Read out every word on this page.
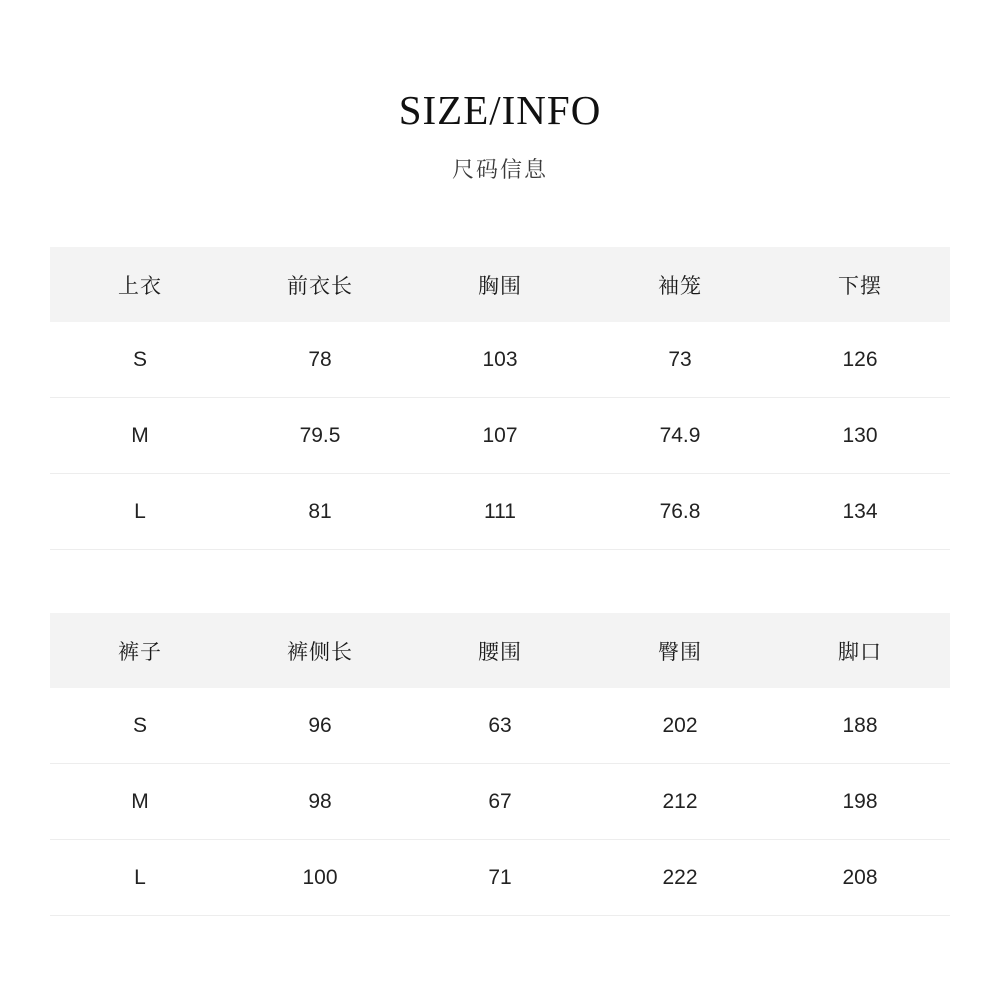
SIZE/INFO
尺码信息
上衣	前衣长	胸围	袖笼	下摆
S	78	103	73	126
M	79.5	107	74.9	130
L	81	111	76.8	134
裤子	裤侧长	腰围	臀围	脚口
S	96	63	202	188
M	98	67	212	198
L	100	71	222	208
